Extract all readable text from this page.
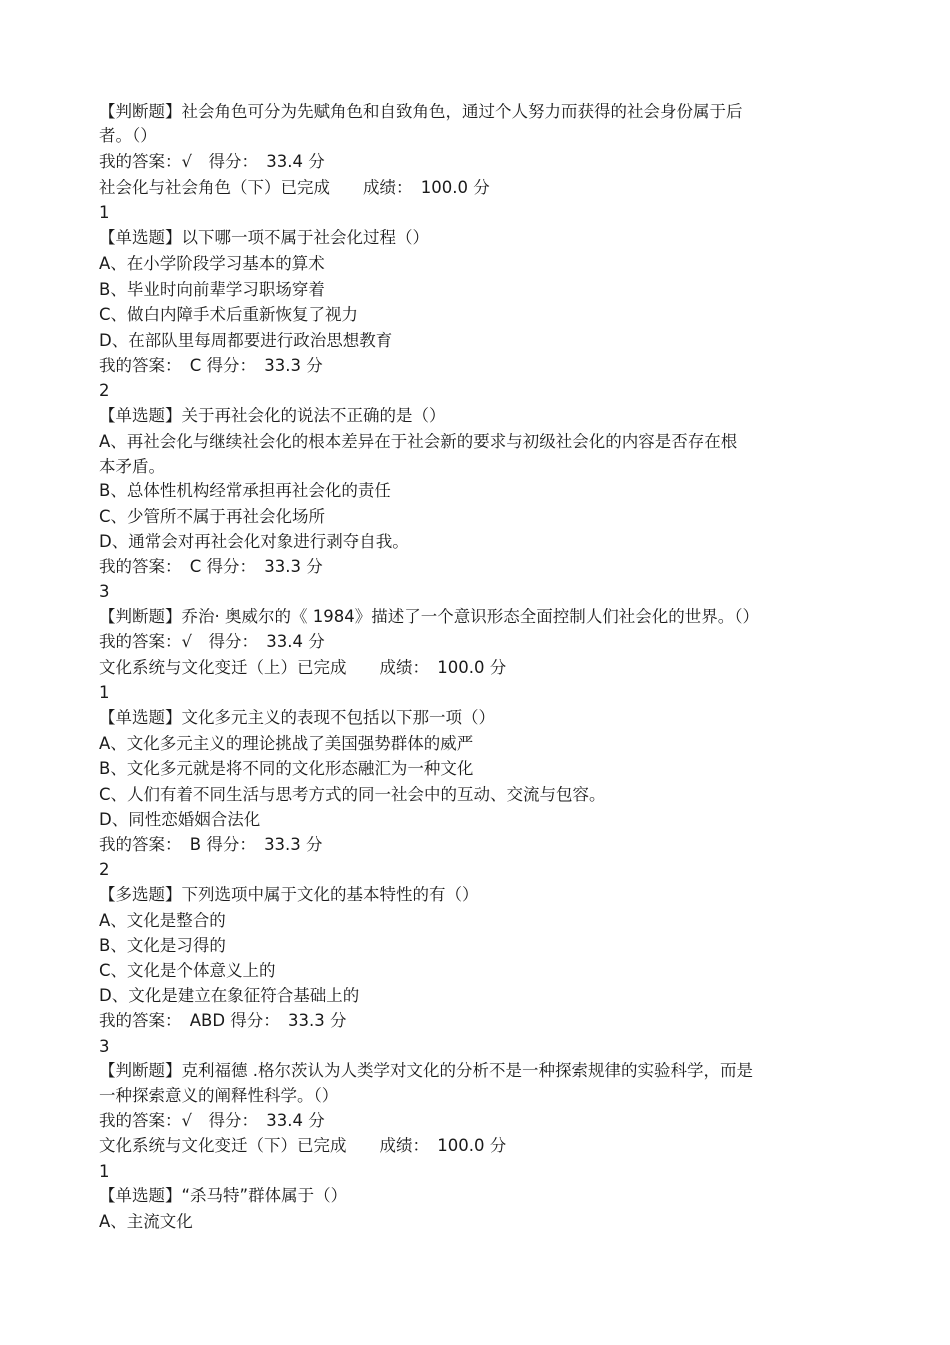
【判断题】社会角色可分为先赋角色和自致角色，通过个人努力而获得的社会身份属于后
者。（）
我的答案：√　得分：　33.4 分
社会化与社会角色（下）已完成　　成绩：　100.0 分
1
【单选题】以下哪一项不属于社会化过程（）
A、在小学阶段学习基本的算术
B、毕业时向前辈学习职场穿着
C、做白内障手术后重新恢复了视力
D、在部队里每周都要进行政治思想教育
我的答案：　C 得分：　33.3 分
2
【单选题】关于再社会化的说法不正确的是（）
A、再社会化与继续社会化的根本差异在于社会新的要求与初级社会化的内容是否存在根
本矛盾。
B、总体性机构经常承担再社会化的责任
C、少管所不属于再社会化场所
D、通常会对再社会化对象进行剥夺自我。
我的答案：　C 得分：　33.3 分
3
【判断题】乔治· 奥威尔的《 1984》描述了一个意识形态全面控制人们社会化的世界。（）
我的答案：√　得分：　33.4 分
文化系统与文化变迁（上）已完成　　成绩：　100.0 分
1
【单选题】文化多元主义的表现不包括以下那一项（）
A、文化多元主义的理论挑战了美国强势群体的威严
B、文化多元就是将不同的文化形态融汇为一种文化
C、人们有着不同生活与思考方式的同一社会中的互动、交流与包容。
D、同性恋婚姻合法化
我的答案：　B 得分：　33.3 分
2
【多选题】下列选项中属于文化的基本特性的有（）
A、文化是整合的
B、文化是习得的
C、文化是个体意义上的
D、文化是建立在象征符合基础上的
我的答案：　ABD 得分：　33.3 分
3
【判断题】克利福德 .格尔茨认为人类学对文化的分析不是一种探索规律的实验科学，而是
一种探索意义的阐释性科学。（）
我的答案：√　得分：　33.4 分
文化系统与文化变迁（下）已完成　　成绩：　100.0 分
1
【单选题】“杀马特”群体属于（）
A、主流文化
